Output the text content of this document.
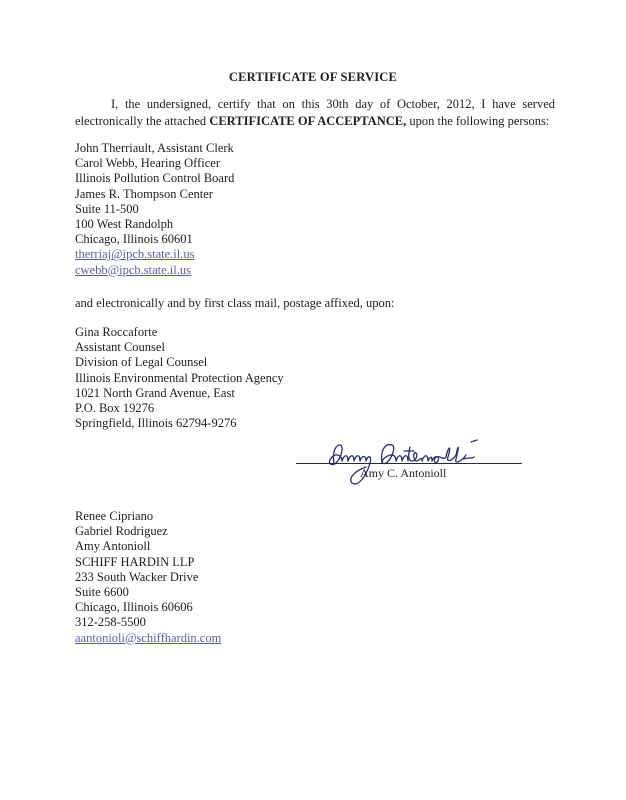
CERTIFICATE OF SERVICE
I, the undersigned, certify that on this 30th day of October, 2012, I have served electronically the attached CERTIFICATE OF ACCEPTANCE, upon the following persons:
John Therriault, Assistant Clerk
Carol Webb, Hearing Officer
Illinois Pollution Control Board
James R. Thompson Center
Suite 11-500
100 West Randolph
Chicago, Illinois 60601
therriaj@ipcb.state.il.us
cwebb@ipcb.state.il.us
and electronically and by first class mail, postage affixed, upon:
Gina Roccaforte
Assistant Counsel
Division of Legal Counsel
Illinois Environmental Protection Agency
1021 North Grand Avenue, East
P.O. Box 19276
Springfield, Illinois 62794-9276
Amy C. Antonioll
Renee Cipriano
Gabriel Rodriguez
Amy Antonioll
SCHIFF HARDIN LLP
233 South Wacker Drive
Suite 6600
Chicago, Illinois 60606
312-258-5500
aantonioli@schiffhardin.com
